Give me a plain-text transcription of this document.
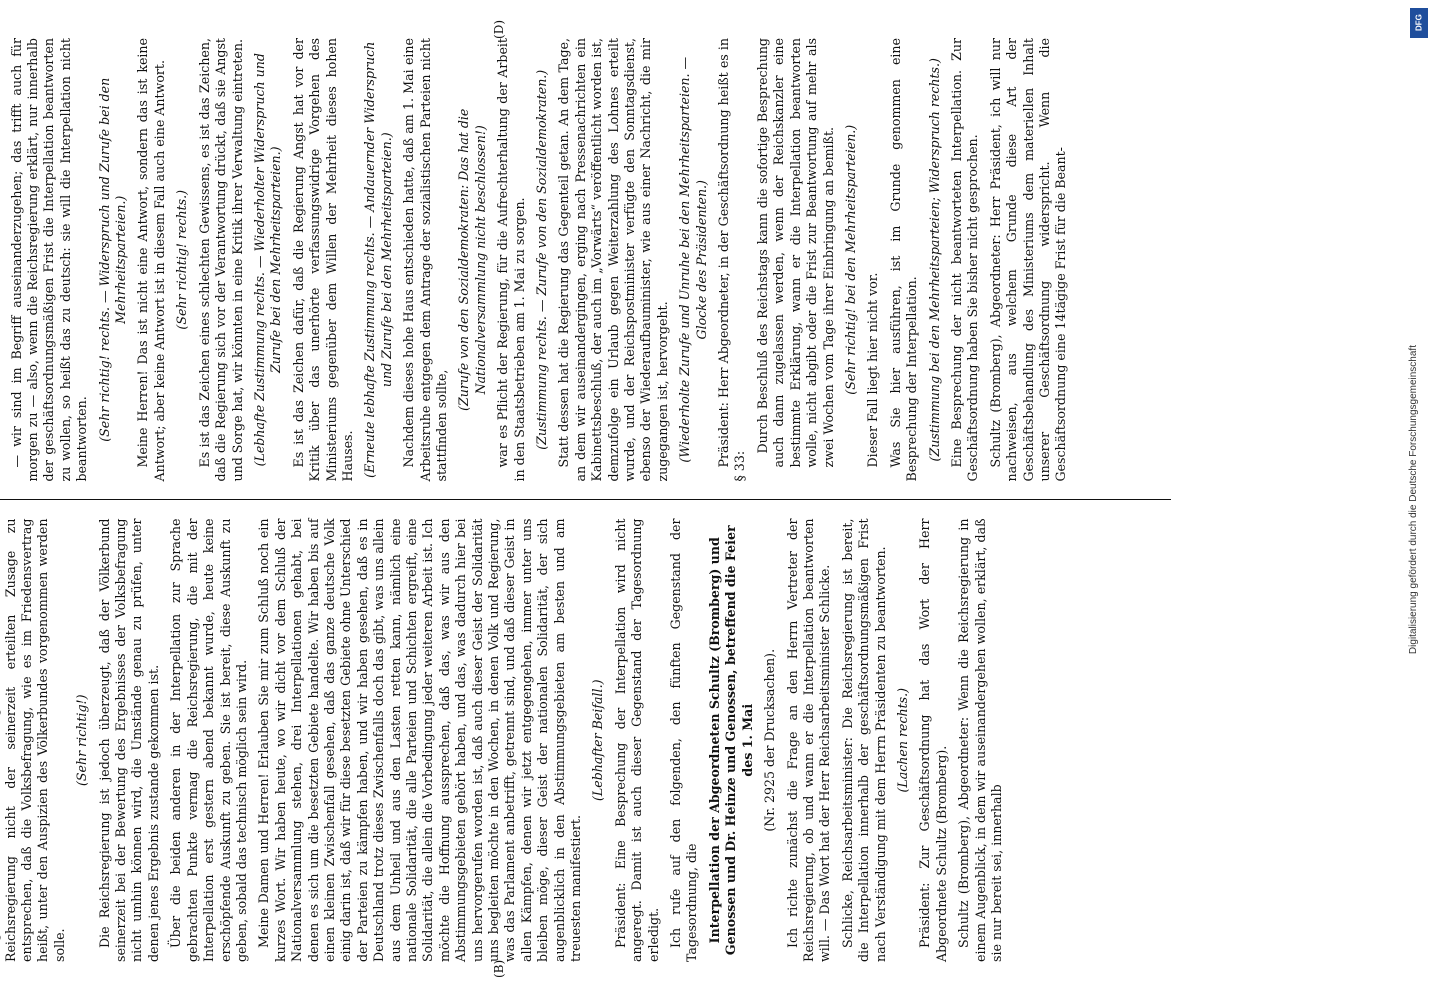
(B)

Reichsregierung nicht der seinerzeit erteilten Zusage zu entsprechen, daß die Volksbefragung, wie es im Friedensvertrag heißt, unter den Auspizien des Völkerbundes vorgenommen werden solle.

(Sehr richtig!) Die Reichsregierung ist jedoch überzeugt, daß der Völkerbund seinerzeit bei der Bewertung des Ergebnisses der Volksbefragung nicht umhin können wird, die Umstände genau zu prüfen, unter denen jenes Ergebnis zustande gekommen ist. Über die beiden anderen in der Interpellation zur Sprache gebrachten Punkte vermag die Reichsregierung, die mit der Interpellation erst gestern abend bekannt wurde, heute keine erschöpfende Auskunft zu geben. Sie ist bereit, diese Auskunft zu geben, sobald das technisch möglich sein wird. Meine Damen und Herren! Erlauben Sie mir zum Schluß noch ein kurzes Wort. Wir haben heute, wo wir dicht vor dem Schluß der Nationalversammlung stehen, drei Interpellationen gehabt, bei denen es sich um die besetzten Gebiete handelte. Wir haben bis auf einen kleinen Zwischenfall gesehen, daß das ganze deutsche Volk einig darin ist, daß wir für diese besetzten Gebiete ohne Unterschied der Parteien zu kämpfen haben, und wir haben gesehen, daß es in Deutschland trotz dieses Zwischenfalls doch das gibt, was uns allein aus dem Unheil und aus den Lasten retten kann, nämlich eine nationale Solidarität, die alle Parteien und Schichten ergreift, eine Solidarität, die allein die Vorbedingung jeder weiteren Arbeit ist. Ich möchte die Hoffnung aussprechen, daß das, was wir aus den Abstimmungsgebieten gehört haben, und das, was dadurch hier bei uns hervorgerufen worden ist, daß auch dieser Geist der Solidarität uns begleiten möchte in den Wochen, in denen Volk und Regierung, was das Parlament anbetrifft, getrennt sind, und daß dieser Geist in allen Kämpfen, denen wir jetzt entgegengehen, immer unter uns bleiben möge, dieser Geist der nationalen Solidarität, der sich augenblicklich in den Abstimmungsgebieten am besten und am treuesten manifestiert.

(Lebhafter Beifall.) Präsident: Eine Besprechung der Interpellation wird nicht angeregt. Damit ist auch dieser Gegenstand der Tagesordnung erledigt. Ich rufe auf den folgenden, den fünften Gegenstand der Tagesordnung, die Interpellation der Abgeordneten Schultz (Bromberg) und Genossen und Dr. Heinze und Genossen, betreffend die Feier des 1. Mai (Nr. 2925 der Drucksachen). Ich richte zunächst die Frage an den Herrn Vertreter der Reichsregierung, ob und wann er die Interpellation beantworten will. — Das Wort hat der Herr Reichsarbeitsminister Schlicke. Schlicke, Reichsarbeitsminister: Die Reichsregierung ist bereit, die Interpellation innerhalb der geschäftsordnungsmäßigen Frist nach Verständigung mit dem Herrn Präsidenten zu beantworten. (Lachen rechts.) Präsident: Zur Geschäftsordnung hat das Wort der Herr Abgeordnete Schultz (Bromberg). Schultz (Bromberg), Abgeordneter: Wenn die Reichsregierung in einem Augenblick, in dem wir auseinandergehen wollen, erklärt, daß sie nur bereit sei, innerhalb

(D)

— wir sind im Begriff auseinanderzugehen; das trifft auch für morgen zu — also, wenn die Reichsregierung erklärt, nur innerhalb der geschäftsordnungsmäßigen Frist die Interpellation beantworten zu wollen, so heißt das zu deutsch: sie will die Interpellation nicht beantworten. (Sehr richtig! rechts. — Widerspruch und Zurufe bei den Mehrheitsparteien.) Meine Herren! Das ist nicht eine Antwort, sondern das ist keine Antwort; aber keine Antwort ist in diesem Fall auch eine Antwort. (Sehr richtig! rechts.) Es ist das Zeichen eines schlechten Gewissens, es ist das Zeichen, daß die Regierung sich vor der Verantwortung drückt, daß sie Angst und Sorge hat, wir könnten in eine Kritik ihrer Verwaltung eintreten. (Lebhafte Zustimmung rechts. — Wiederholter Widerspruch und Zurufe bei den Mehrheitsparteien.) Es ist das Zeichen dafür, daß die Regierung Angst hat vor der Kritik über das unerhörte verfassungswidrige Vorgehen des Ministeriums gegenüber dem Willen der Mehrheit dieses hohen Hauses. (Erneute lebhafte Zustimmung rechts. — Andauernder Widerspruch und Zurufe bei den Mehrheitsparteien.) Nachdem dieses hohe Haus entschieden hatte, daß am 1. Mai eine Arbeitsruhe entgegen dem Antrage der sozialistischen Parteien nicht stattfinden sollte,

(Zurufe von den Sozialdemokraten: Das hat die Nationalversammlung nicht beschlossen!) war es Pflicht der Regierung, für die Aufrechterhaltung der Arbeit in den Staatsbetrieben am 1. Mai zu sorgen. (Zustimmung rechts. — Zurufe von den Sozialdemokraten.) Statt dessen hat die Regierung das Gegenteil getan. An dem Tage, an dem wir auseinandergingen, erging nach Pressenachrichten ein Kabinettsbeschluß, der auch im „Vorwärts“ veröffentlicht worden ist, demzufolge ein Urlaub gegen Weiterzahlung des Lohnes erteilt wurde, und der Reichspostminister verfügte den Sonntagsdienst, ebenso der Wiederaufbauminister, wie aus einer Nachricht, die mir zugegangen ist, hervorgeht. (Wiederholte Zurufe und Unruhe bei den Mehrheitsparteien. — Glocke des Präsidenten.) Präsident: Herr Abgeordneter, in der Geschäftsordnung heißt es in § 33:

Durch Beschluß des Reichstags kann die sofortige Besprechung auch dann zugelassen werden, wenn der Reichskanzler eine bestimmte Erklärung, wann er die Interpellation beantworten wolle, nicht abgibt oder die Frist zur Beantwortung auf mehr als zwei Wochen vom Tage ihrer Einbringung an bemißt. (Sehr richtig! bei den Mehrheitsparteien.) Dieser Fall liegt hier nicht vor. Was Sie hier ausführen, ist im Grunde genommen eine Besprechung der Interpellation. (Zustimmung bei den Mehrheitsparteien; Widerspruch rechts.) Eine Besprechung der nicht beantworteten Interpellation. Zur Geschäftsordnung haben Sie bisher nicht gesprochen. Schultz (Bromberg), Abgeordneter: Herr Präsident, ich will nur nachweisen, aus welchem Grunde diese Art der Geschäftsbehandlung des Ministeriums dem materiellen Inhalt unserer Geschäftsordnung widerspricht. Wenn die Geschäftsordnung eine 14tägige Frist für die Beant-

DFG
Digitalisierung gefördert durch die Deutsche Forschungsgemeinschaft
